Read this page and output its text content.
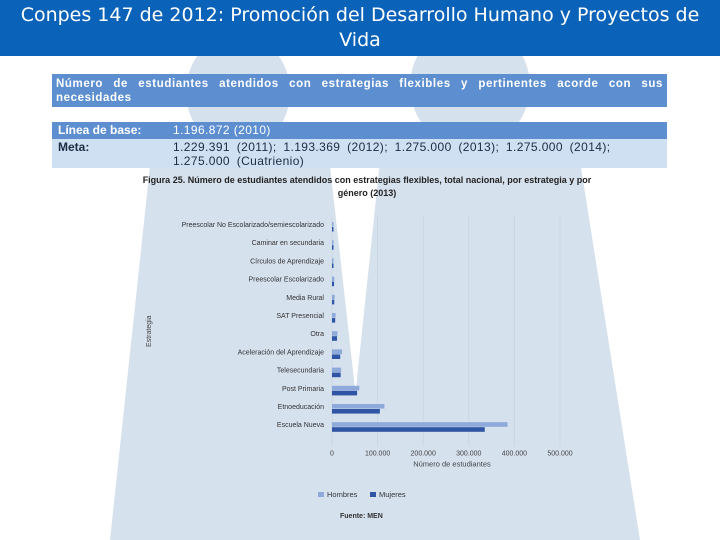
Conpes 147 de 2012: Promoción del Desarrollo Humano y Proyectos de Vida
Número de estudiantes atendidos con estrategias flexibles y pertinentes acorde con sus necesidades
Línea de base:	1.196.872 (2010)
Meta:	1.229.391 (2011); 1.193.369 (2012); 1.275.000 (2013); 1.275.000 (2014); 1.275.000 (Cuatrienio)
Figura 25. Número de estudiantes atendidos con estrategias flexibles, total nacional, por estrategia y por género (2013)
0	100.000	200.000	300.000	400.000	500.000
Preescolar No Escolarizado/semiescolarizado
Caminar en secundaria
Círculos de Aprendizaje
Preescolar Escolarizado
Media Rural
SAT Presencial
Otra
Aceleración del Aprendizaje
Telesecundaria
Post Primaria
Etnoeducación
Escuela Nueva
Número de estudiantes
Estrategia
Hombres	Mujeres
Fuente: MEN
